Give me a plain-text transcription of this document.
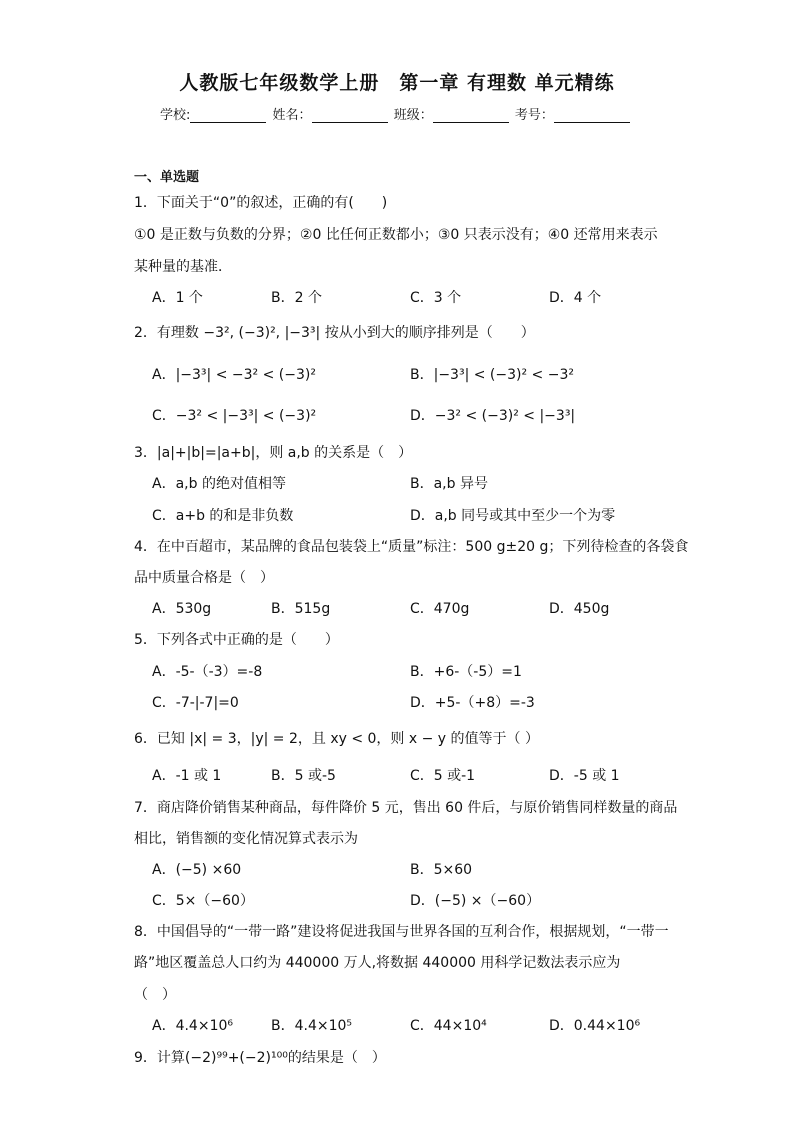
人教版七年级数学上册　第一章 有理数 单元精练
学校:	姓名：	班级：	考号：
一、单选题
1．下面关于“0”的叙述，正确的有(　　)
①0 是正数与负数的分界；②0 比任何正数都小；③0 只表示没有；④0 还常用来表示
某种量的基准．
A．1 个	B．2 个	C．3 个	D．4 个
2．有理数 −3², (−3)², |−3³| 按从小到大的顺序排列是（　　）
A．|−3³| < −3² < (−3)²	B．|−3³| < (−3)² < −3²
C．−3² < |−3³| < (−3)²	D．−3² < (−3)² < |−3³|
3．|a|+|b|=|a+b|，则 a,b 的关系是（　）
A．a,b 的绝对值相等	B．a,b 异号
C．a+b 的和是非负数	D．a,b 同号或其中至少一个为零
4．在中百超市，某品牌的食品包装袋上“质量”标注：500 g±20 g；下列待检查的各袋食
品中质量合格是（　）
A．530g	B．515g	C．470g	D．450g
5．下列各式中正确的是（　　）
A．-5-（-3）=-8	B．+6-（-5）=1
C．-7-|-7|=0	D．+5-（+8）=-3
6．已知 |x| = 3，|y| = 2，且 xy < 0，则 x − y 的值等于（ ）
A．-1 或 1	B．5 或-5	C．5 或-1	D．-5 或 1
7．商店降价销售某种商品，每件降价 5 元，售出 60 件后，与原价销售同样数量的商品
相比，销售额的变化情况算式表示为
A．(−5) ×60	B．5×60
C．5×（−60）	D．(−5) ×（−60）
8．中国倡导的“一带一路”建设将促进我国与世界各国的互利合作，根据规划，“一带一
路”地区覆盖总人口约为 440000 万人,将数据 440000 用科学记数法表示应为
（　）
A．4.4×10⁶	B．4.4×10⁵	C．44×10⁴	D．0.44×10⁶
9．计算(−2)⁹⁹+(−2)¹⁰⁰的结果是（　）
